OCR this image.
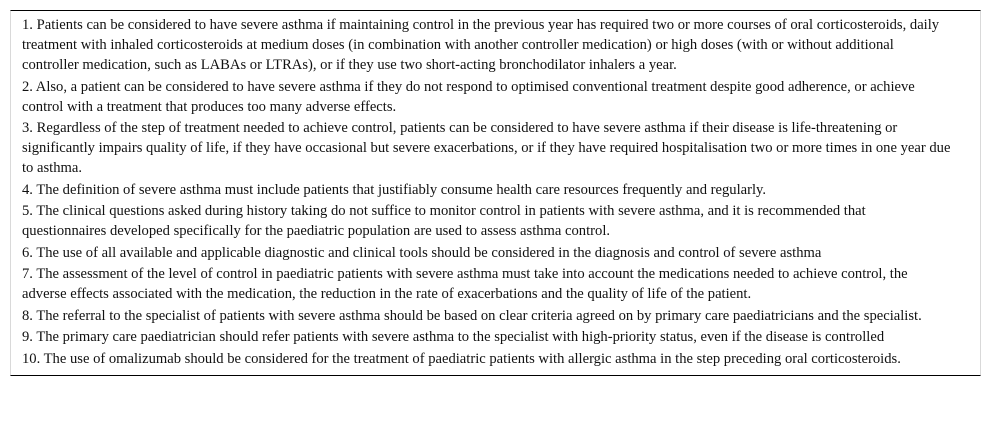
1. Patients can be considered to have severe asthma if maintaining control in the previous year has required two or more courses of oral corticosteroids, daily treatment with inhaled corticosteroids at medium doses (in combination with another controller medication) or high doses (with or without additional controller medication, such as LABAs or LTRAs), or if they use two short-acting bronchodilator inhalers a year.
2. Also, a patient can be considered to have severe asthma if they do not respond to optimised conventional treatment despite good adherence, or achieve control with a treatment that produces too many adverse effects.
3. Regardless of the step of treatment needed to achieve control, patients can be considered to have severe asthma if their disease is life-threatening or significantly impairs quality of life, if they have occasional but severe exacerbations, or if they have required hospitalisation two or more times in one year due to asthma.
4. The definition of severe asthma must include patients that justifiably consume health care resources frequently and regularly.
5. The clinical questions asked during history taking do not suffice to monitor control in patients with severe asthma, and it is recommended that questionnaires developed specifically for the paediatric population are used to assess asthma control.
6. The use of all available and applicable diagnostic and clinical tools should be considered in the diagnosis and control of severe asthma
7. The assessment of the level of control in paediatric patients with severe asthma must take into account the medications needed to achieve control, the adverse effects associated with the medication, the reduction in the rate of exacerbations and the quality of life of the patient.
8. The referral to the specialist of patients with severe asthma should be based on clear criteria agreed on by primary care paediatricians and the specialist.
9. The primary care paediatrician should refer patients with severe asthma to the specialist with high-priority status, even if the disease is controlled
10. The use of omalizumab should be considered for the treatment of paediatric patients with allergic asthma in the step preceding oral corticosteroids.
